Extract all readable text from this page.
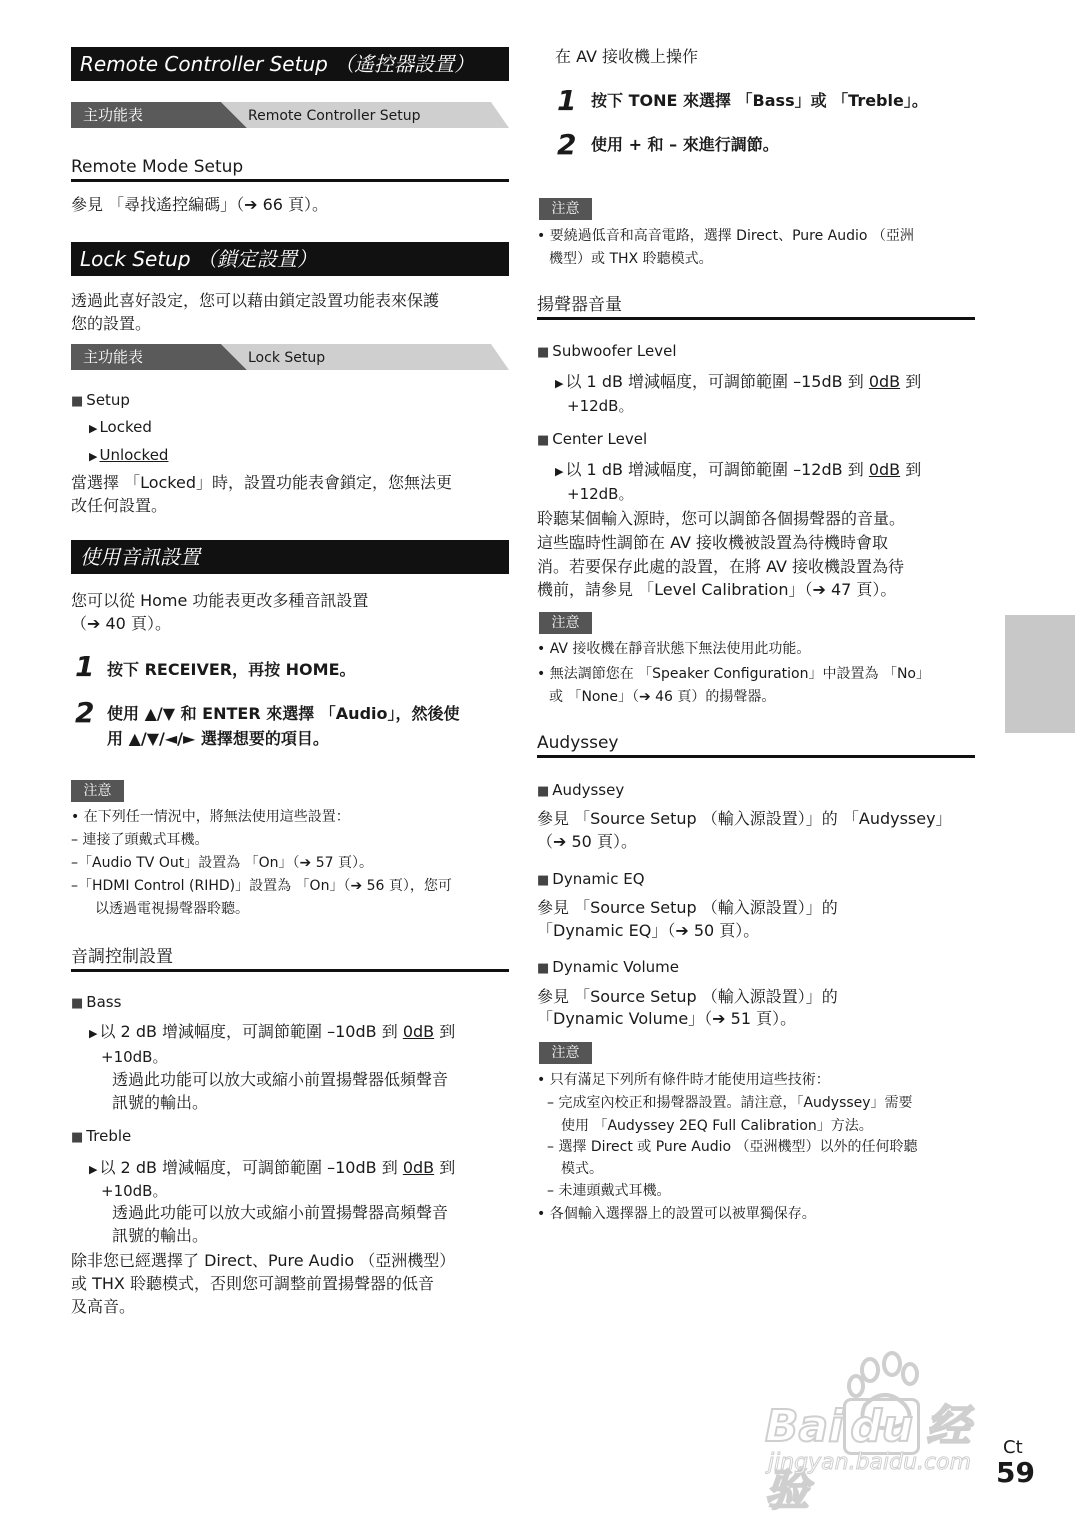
Remote Controller Setup （遙控器設置）
主功能表	Remote Controller Setup
Remote Mode Setup
參見 「尋找遙控編碼」（➔ 66 頁）。
Lock Setup （鎖定設置）
透過此喜好設定，您可以藉由鎖定設置功能表來保護
您的設置。
主功能表	Lock Setup
■ Setup
▶ Locked
▶ Unlocked
當選擇 「Locked」時，設置功能表會鎖定，您無法更
改任何設置。
使用音訊設置
您可以從 Home 功能表更改多種音訊設置
（➔ 40 頁）。
1 按下 RECEIVER，再按 HOME。
2 使用 ▲/▼ 和 ENTER 來選擇 「Audio」，然後使
用 ▲/▼/◄/► 選擇想要的項目。
注意
• 在下列任一情況中，將無法使用這些設置：
– 連接了頭戴式耳機。
–「Audio TV Out」設置為 「On」（➔ 57 頁）。
–「HDMI Control (RIHD)」設置為 「On」（➔ 56 頁），您可
以透過電視揚聲器聆聽。
音調控制設置
■ Bass
▶ 以 2 dB 增減幅度，可調節範圍 –10dB 到 0dB 到
+10dB。
透過此功能可以放大或縮小前置揚聲器低頻聲音
訊號的輸出。
■ Treble
▶ 以 2 dB 增減幅度，可調節範圍 –10dB 到 0dB 到
+10dB。
透過此功能可以放大或縮小前置揚聲器高頻聲音
訊號的輸出。
除非您已經選擇了 Direct、Pure Audio （亞洲機型）
或 THX 聆聽模式，否則您可調整前置揚聲器的低音
及高音。
在 AV 接收機上操作
1 按下 TONE 來選擇 「Bass」或 「Treble」。
2 使用 + 和 – 來進行調節。
注意
• 要繞過低音和高音電路，選擇 Direct、Pure Audio （亞洲
機型）或 THX 聆聽模式。
揚聲器音量
■ Subwoofer Level
▶ 以 1 dB 增減幅度，可調節範圍 –15dB 到 0dB 到
+12dB。
■ Center Level
▶ 以 1 dB 增減幅度，可調節範圍 –12dB 到 0dB 到
+12dB。
聆聽某個輸入源時，您可以調節各個揚聲器的音量。
這些臨時性調節在 AV 接收機被設置為待機時會取
消。若要保存此處的設置，在將 AV 接收機設置為待
機前，請參見 「Level Calibration」（➔ 47 頁）。
注意
• AV 接收機在靜音狀態下無法使用此功能。
• 無法調節您在 「Speaker Configuration」中設置為 「No」
或 「None」（➔ 46 頁）的揚聲器。
Audyssey
■ Audyssey
參見 「Source Setup （輸入源設置）」的 「Audyssey」
（➔ 50 頁）。
■ Dynamic EQ
參見 「Source Setup （輸入源設置）」的
「Dynamic EQ」（➔ 50 頁）。
■ Dynamic Volume
參見 「Source Setup （輸入源設置）」的
「Dynamic Volume」（➔ 51 頁）。
注意
• 只有滿足下列所有條件時才能使用這些技術：
– 完成室內校正和揚聲器設置。請注意，「Audyssey」需要
使用 「Audyssey 2EQ Full Calibration」方法。
– 選擇 Direct 或 Pure Audio （亞洲機型）以外的任何聆聽
模式。
– 未連頭戴式耳機。
• 各個輸入選擇器上的設置可以被單獨保存。
Bai du 经验
jingyan.baidu.com
Ct
59
